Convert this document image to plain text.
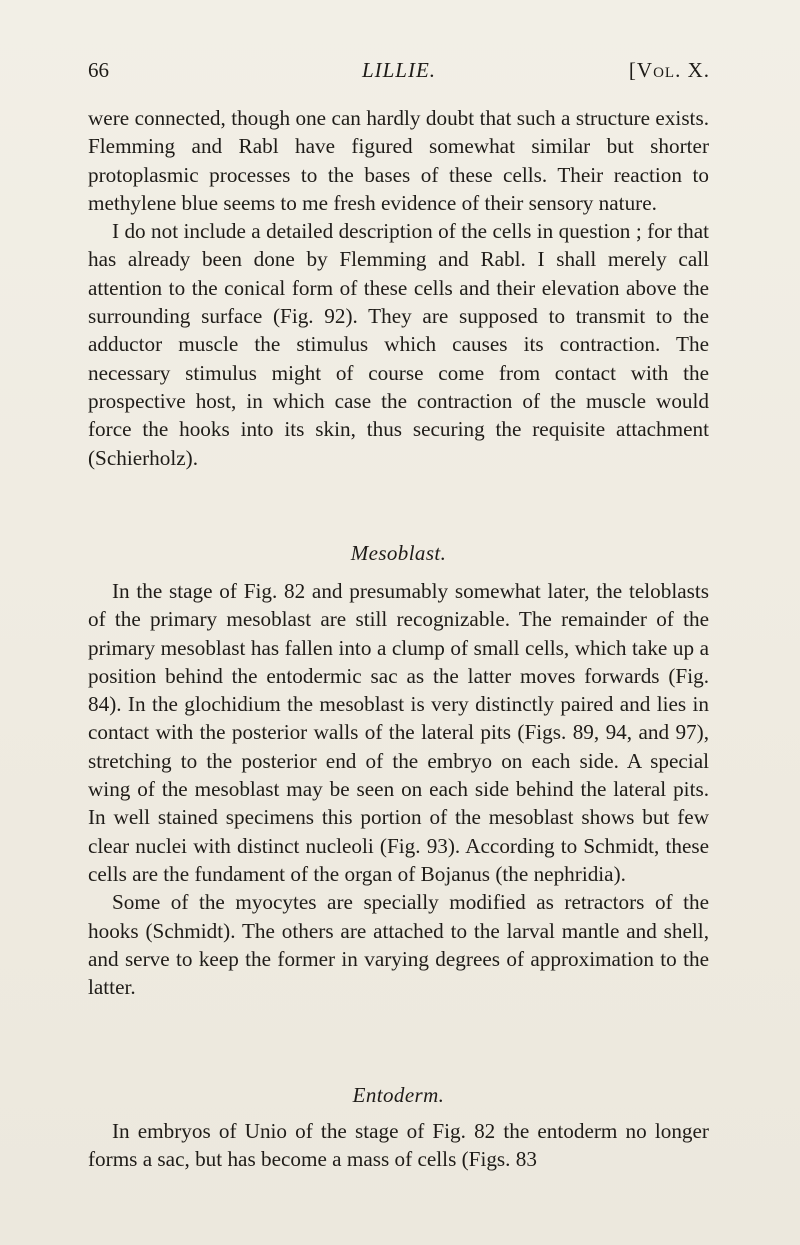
66	LILLIE.	[Vol. X.

were connected, though one can hardly doubt that such a structure exists. Flemming and Rabl have figured somewhat similar but shorter protoplasmic processes to the bases of these cells. Their reaction to methylene blue seems to me fresh evidence of their sensory nature.

I do not include a detailed description of the cells in question ; for that has already been done by Flemming and Rabl. I shall merely call attention to the conical form of these cells and their elevation above the surrounding surface (Fig. 92). They are supposed to transmit to the adductor muscle the stimulus which causes its contraction. The necessary stimulus might of course come from contact with the prospective host, in which case the contraction of the muscle would force the hooks into its skin, thus securing the requisite attachment (Schierholz).

Mesoblast.

In the stage of Fig. 82 and presumably somewhat later, the teloblasts of the primary mesoblast are still recognizable. The remainder of the primary mesoblast has fallen into a clump of small cells, which take up a position behind the entodermic sac as the latter moves forwards (Fig. 84). In the glochidium the mesoblast is very distinctly paired and lies in contact with the posterior walls of the lateral pits (Figs. 89, 94, and 97), stretching to the posterior end of the embryo on each side. A special wing of the mesoblast may be seen on each side behind the lateral pits. In well stained specimens this portion of the mesoblast shows but few clear nuclei with distinct nucleoli (Fig. 93). According to Schmidt, these cells are the fundament of the organ of Bojanus (the nephridia).

Some of the myocytes are specially modified as retractors of the hooks (Schmidt). The others are attached to the larval mantle and shell, and serve to keep the former in varying degrees of approximation to the latter.

Entoderm.

In embryos of Unio of the stage of Fig. 82 the entoderm no longer forms a sac, but has become a mass of cells (Figs. 83
